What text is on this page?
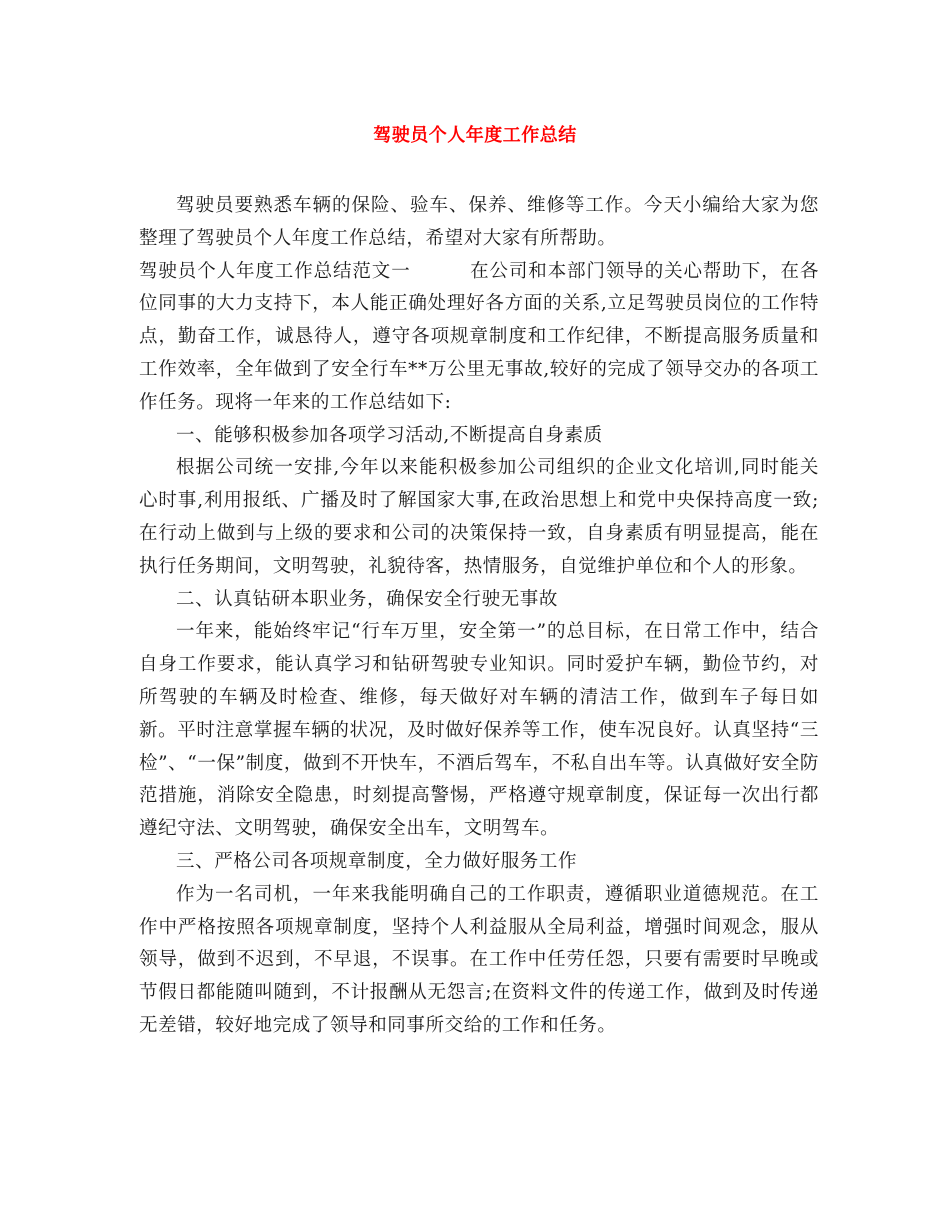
驾驶员个人年度工作总结

驾驶员要熟悉车辆的保险、验车、保养、维修等工作。今天小编给大家为您整理了驾驶员个人年度工作总结，希望对大家有所帮助。

驾驶员个人年度工作总结范文一	在公司和本部门领导的关心帮助下，在各位同事的大力支持下，本人能正确处理好各方面的关系,立足驾驶员岗位的工作特点，勤奋工作，诚恳待人，遵守各项规章制度和工作纪律，不断提高服务质量和工作效率，全年做到了安全行车**万公里无事故,较好的完成了领导交办的各项工作任务。现将一年来的工作总结如下:

一、能够积极参加各项学习活动,不断提高自身素质

根据公司统一安排,今年以来能积极参加公司组织的企业文化培训,同时能关心时事,利用报纸、广播及时了解国家大事,在政治思想上和党中央保持高度一致;在行动上做到与上级的要求和公司的决策保持一致，自身素质有明显提高，能在执行任务期间，文明驾驶，礼貌待客，热情服务，自觉维护单位和个人的形象。

二、认真钻研本职业务，确保安全行驶无事故

一年来，能始终牢记“行车万里，安全第一”的总目标，在日常工作中，结合自身工作要求，能认真学习和钻研驾驶专业知识。同时爱护车辆，勤俭节约，对所驾驶的车辆及时检查、维修，每天做好对车辆的清洁工作，做到车子每日如新。平时注意掌握车辆的状况，及时做好保养等工作，使车况良好。认真坚持“三检”、“一保”制度，做到不开快车，不酒后驾车，不私自出车等。认真做好安全防范措施，消除安全隐患，时刻提高警惕，严格遵守规章制度，保证每一次出行都遵纪守法、文明驾驶，确保安全出车，文明驾车。

三、严格公司各项规章制度，全力做好服务工作

作为一名司机，一年来我能明确自己的工作职责，遵循职业道德规范。在工作中严格按照各项规章制度，坚持个人利益服从全局利益，增强时间观念，服从领导，做到不迟到，不早退，不误事。在工作中任劳任怨，只要有需要时早晚或节假日都能随叫随到，不计报酬从无怨言;在资料文件的传递工作，做到及时传递无差错，较好地完成了领导和同事所交给的工作和任务。
